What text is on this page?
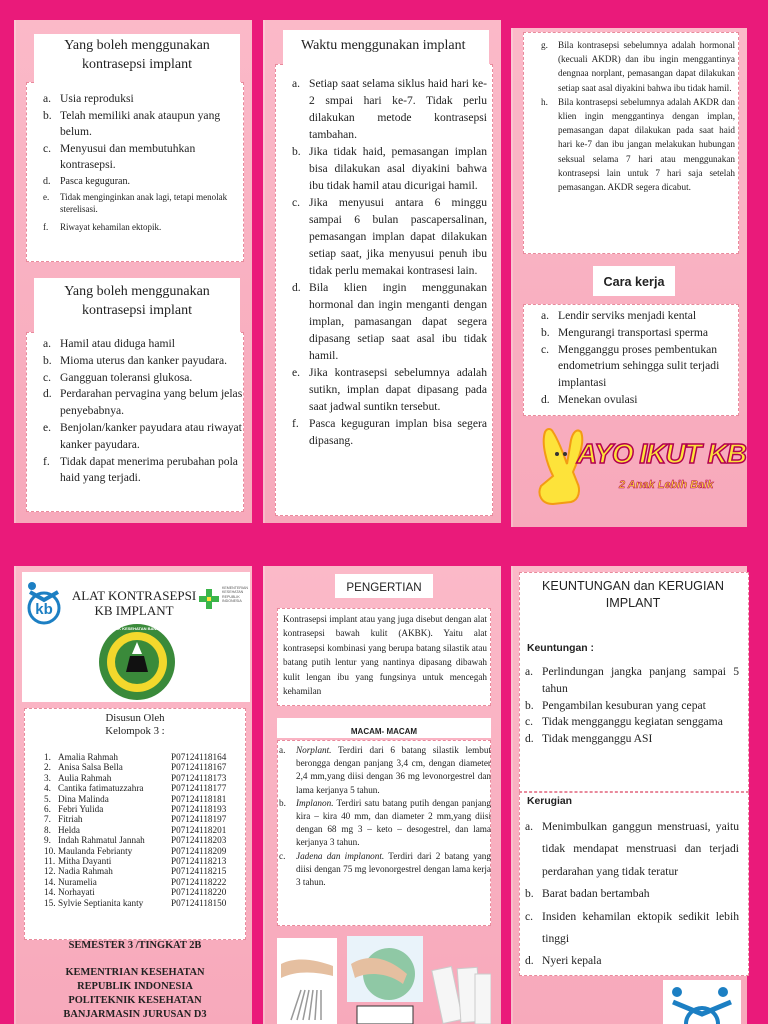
Yang boleh menggunakan kontrasepsi implant
a. Usia reproduksi
b. Telah memiliki anak ataupun yang belum.
c. Menyusui dan membutuhkan kontrasepsi.
d. Pasca keguguran.
e.	Tidak menginginkan anak lagi, tetapi menolak sterelisasi.
f.	Riwayat kehamilan ektopik.
Yang boleh menggunakan kontrasepsi implant
a. Hamil atau diduga hamil
b. Mioma uterus dan kanker payudara.
c. Gangguan toleransi glukosa.
d. Perdarahan pervagina yang belum jelas penyebabnya.
e. Benjolan/kanker payudara atau riwayat kanker payudara.
f. Tidak dapat menerima perubahan pola haid yang terjadi.
Waktu menggunakan implant
a. Setiap saat selama siklus haid hari ke-2 smpai hari ke-7. Tidak perlu dilakukan metode kontrasepsi tambahan.
b. Jika tidak haid, pemasangan implan bisa dilakukan asal diyakini bahwa ibu tidak hamil atau dicurigai hamil.
c. Jika menyusui antara 6 minggu sampai 6 bulan pascapersalinan, pemasangan implan dapat dilakukan setiap saat, jika menyusui penuh ibu tidak perlu memakai kontrasesi lain.
d. Bila klien ingin menggunakan hormonal dan ingin menganti dengan implan, pamasangan dapat segera dipasang setiap saat asal ibu tidak hamil.
e. Jika kontrasepsi sebelumnya adalah sutikn, implan dapat dipasang pada saat jadwal suntikn tersebut.
f. Pasca keguguran implan bisa segera dipasang.
g.	Bila kontrasepsi sebelumnya adalah hormonal (kecuali AKDR) dan ibu ingin menggantinya dengnaa norplant, pemasangan dapat dilakukan setiap saat asal diyakini bahwa ibu tidak hamil.
h.	Bila kontrasepsi sebelumnya adalah AKDR dan klien ingin menggantinya dengan implan, pemasangan dapat dilakukan pada saat haid hari ke-7 dan ibu jangan melakukan hubungan seksual selama 7 hari atau menggunakan kontrasepsi lain untuk 7 hari saja setelah pemasangan. AKDR segera dicabut.
Cara kerja
a. Lendir serviks menjadi kental
b. Mengurangi transportasi sperma
c. Mengganggu proses pembentukan endometrium sehingga sulit terjadi implantasi
d. Menekan ovulasi
AYO IKUT KB
2 Anak Lebih Baik
kb
ALAT KONTRASEPSI KB IMPLANT
KEMENTERIAN KESEHATAN REPUBLIK INDONESIA
POLITEKNIK KESEHATAN BANJARMASIN
Disusun Oleh
Kelompok 3 :
1. Amalia Rahmah	P07124118164
2. Anisa Salsa Bella	P07124118167
3. Aulia Rahmah	P07124118173
4. Cantika fatimatuzzahra	P07124118177
5. Dina Malinda	P07124118181
6. Febri Yulida	P07124118193
7. Fitriah	P07124118197
8. Helda	P07124118201
9. Indah Rahmatul Jannah	P07124118203
10. Maulanda Febrianty	P07124118209
11. Mitha Dayanti	P07124118213
12. Nadia Rahmah	P07124118215
14. Nuramelia	P07124118222
14. Norhayati	P07124118220
15. Sylvie Septianita kanty	P07124118150
SEMESTER 3 /TINGKAT 2B
KEMENTRIAN KESEHATAN
REPUBLIK INDONESIA
POLITEKNIK KESEHATAN
BANJARMASIN JURUSAN D3
PENGERTIAN
Kontrasepsi implant atau yang juga disebut dengan alat kontrasepsi bawah kulit (AKBK). Yaitu alat kontrasepsi kombinasi yang berupa batang silastik atau batang putih lentur yang nantinya dipasang dibawah kulit lengan ibu yang fungsinya untuk mencegah kehamilan
MACAM- MACAM
a.	Norplant. Terdiri dari 6 batang silastik lembut berongga dengan panjang 3,4 cm, dengan diameter 2,4 mm,yang diisi dengan 36 mg levonorgestrel dan lama kerjanya 5 tahun.
b.	Implanon. Terdiri satu batang putih dengan panjang kira – kira 40 mm, dan diameter 2 mm,yang diisi dengan 68 mg 3 – keto – desogestrel, dan lama kerjanya 3 tahun.
c.	Jadena dan implanont. Terdiri dari 2 batang yang diisi dengan 75 mg levonorgestrel dengan lama kerja 3 tahun.
KEUNTUNGAN dan KERUGIAN IMPLANT
Keuntungan :
a. Perlindungan jangka panjang sampai 5 tahun
b. Pengambilan kesuburan yang cepat
c. Tidak mengganggu kegiatan senggama
d. Tidak mengganggu ASI
Kerugian
a. Menimbulkan ganggun menstruasi, yaitu tidak mendapat menstruasi dan terjadi perdarahan yang tidak teratur
b. Barat badan bertambah
c. Insiden kehamilan ektopik sedikit lebih tinggi
d. Nyeri kepala
